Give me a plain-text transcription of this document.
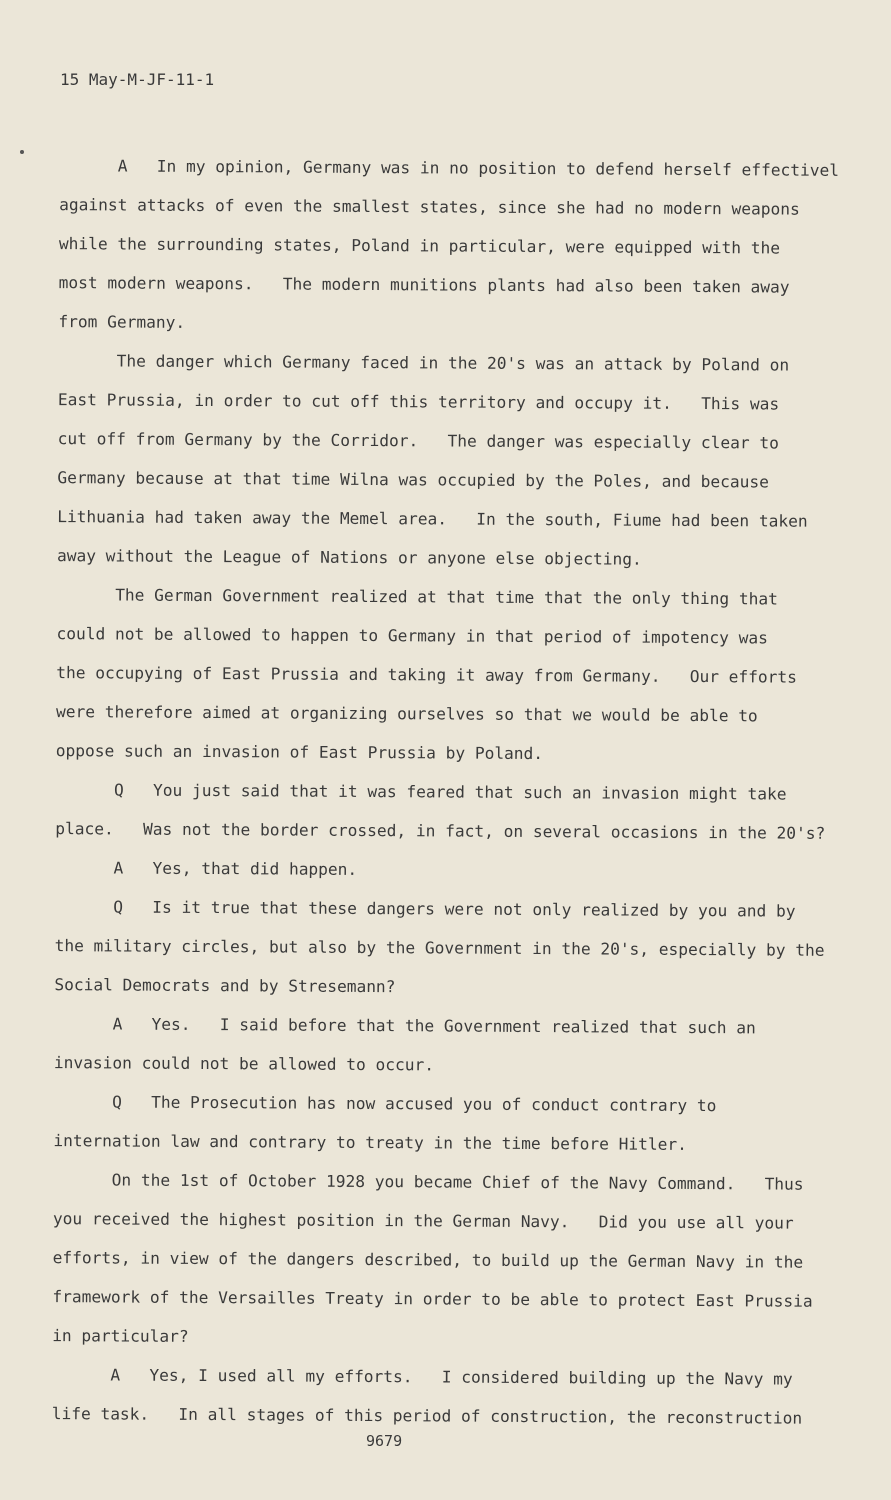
15 May-M-JF-11-1
A   In my opinion, Germany was in no position to defend herself effectivel
against attacks of even the smallest states, since she had no modern weapons
while the surrounding states, Poland in particular, were equipped with the
most modern weapons.   The modern munitions plants had also been taken away
from Germany.
The danger which Germany faced in the 20's was an attack by Poland on
East Prussia, in order to cut off this territory and occupy it.   This was
cut off from Germany by the Corridor.   The danger was especially clear to
Germany because at that time Wilna was occupied by the Poles, and because
Lithuania had taken away the Memel area.   In the south, Fiume had been taken
away without the League of Nations or anyone else objecting.
The German Government realized at that time that the only thing that
could not be allowed to happen to Germany in that period of impotency was
the occupying of East Prussia and taking it away from Germany.   Our efforts
were therefore aimed at organizing ourselves so that we would be able to
oppose such an invasion of East Prussia by Poland.
Q   You just said that it was feared that such an invasion might take
place.   Was not the border crossed, in fact, on several occasions in the 20's?
A   Yes, that did happen.
Q   Is it true that these dangers were not only realized by you and by
the military circles, but also by the Government in the 20's, especially by the
Social Democrats and by Stresemann?
A   Yes.   I said before that the Government realized that such an
invasion could not be allowed to occur.
Q   The Prosecution has now accused you of conduct contrary to
internation law and contrary to treaty in the time before Hitler.
On the 1st of October 1928 you became Chief of the Navy Command.   Thus
you received the highest position in the German Navy.   Did you use all your
efforts, in view of the dangers described, to build up the German Navy in the
framework of the Versailles Treaty in order to be able to protect East Prussia
in particular?
A   Yes, I used all my efforts.   I considered building up the Navy my
life task.   In all stages of this period of construction, the reconstruction
9679
